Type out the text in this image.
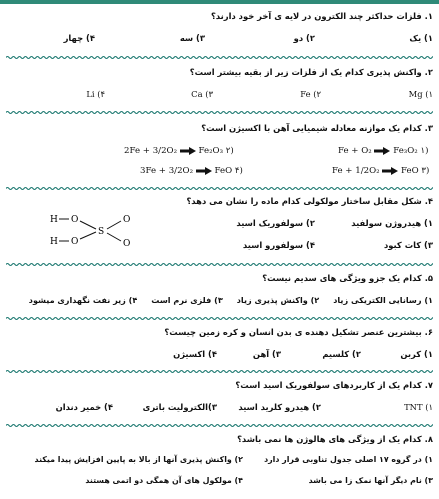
۱. فلزات حداکثر چند الکترون در لایه ی آخر خود دارند؟
۱) یک
۲) دو
۳) سه
۴) چهار
۲. واکنش پذیری کدام یک از فلزات زیر از بقیه بیشتر است؟
Mg (۱
Fe (۲
Ca (۳
Li (۴
۳. کدام یک موازنه معادله شیمیایی آهن با اکسیژن است؟
2Fe + 3/2O₂ → Fe₂O₃ ۲)	Fe + O₂ → Fe₃O₂ ۱)
3Fe + 3/2O₂ → FeO ۴)	Fe + 1/2O₂ → FeO ۳)
۴. شکل مقابل ساختار مولکولی کدام ماده را نشان می دهد؟
H O
H O
S
O
O
۱) هیدروژن سولفید
۲) سولفوریک اسید
۳) کات کبود
۴) سولفورو اسید
۵. کدام یک جزو ویژگی های سدیم نیست؟
۱) رسانایی الکتریکی زیاد
۲) واکنش پذیری زیاد
۳) فلزی نرم است
۴) زیر نفت نگهداری میشود
۶. بیشترین عنصر تشکیل دهنده ی بدن انسان و کره زمین چیست؟
۱) کربن
۲) کلسیم
۳) آهن
۴) اکسیژن
۷. کدام یک از کاربردهای سولفوریک اسید است؟
TNT (۱
۲) هیدرو کلرید اسید
۳)الکترولیت باتری
۴) خمیر دندان
۸. کدام یک از ویژگی های هالوژن ها نمی باشد؟
۱) در گروه ۱۷ اصلی جدول تناوبی قرار دارد
۲) واکنش پذیری آنها از بالا به پایین افزایش پیدا میکند
۳) نام دیگر آنها نمک زا می باشد
۴) مولکول های آن همگی دو اتمی هستند
